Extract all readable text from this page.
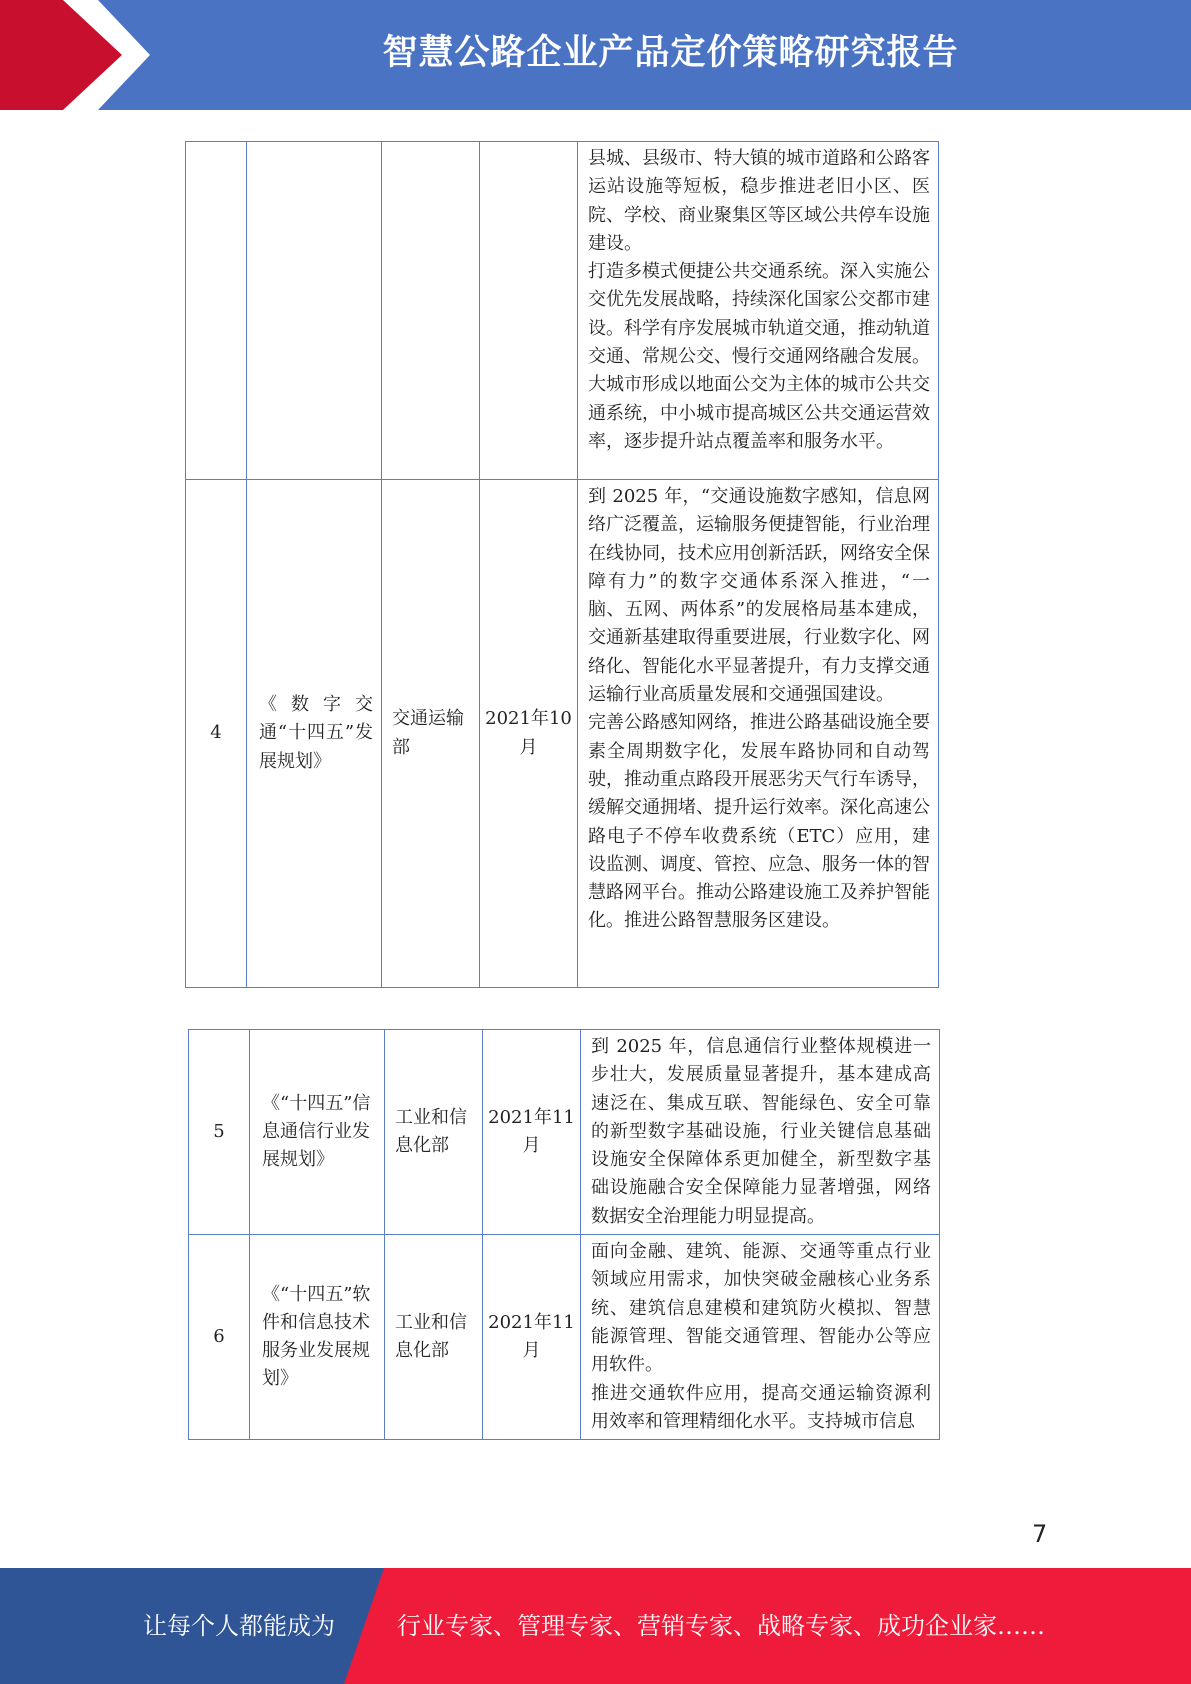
智慧公路企业产品定价策略研究报告

				县城、县级市、特大镇的城市道路和公路客运站设施等短板，稳步推进老旧小区、医院、学校、商业聚集区等区域公共停车设施建设。
打造多模式便捷公共交通系统。深入实施公交优先发展战略，持续深化国家公交都市建设。科学有序发展城市轨道交通，推动轨道交通、常规公交、慢行交通网络融合发展。大城市形成以地面公交为主体的城市公共交通系统，中小城市提高城区公共交通运营效率，逐步提升站点覆盖率和服务水平。

4	《数字交通“十四五”发展规划》	交通运输部	2021年10月	到 2025 年，“交通设施数字感知，信息网络广泛覆盖，运输服务便捷智能，行业治理在线协同，技术应用创新活跃，网络安全保障有力”的数字交通体系深入推进，“一脑、五网、两体系”的发展格局基本建成，交通新基建取得重要进展，行业数字化、网络化、智能化水平显著提升，有力支撑交通运输行业高质量发展和交通强国建设。
完善公路感知网络，推进公路基础设施全要素全周期数字化，发展车路协同和自动驾驶，推动重点路段开展恶劣天气行车诱导，缓解交通拥堵、提升运行效率。深化高速公路电子不停车收费系统（ETC）应用，建设监测、调度、管控、应急、服务一体的智慧路网平台。推动公路建设施工及养护智能化。推进公路智慧服务区建设。
5	《“十四五”信息通信行业发展规划》	工业和信息化部	2021年11月	到 2025 年，信息通信行业整体规模进一步壮大，发展质量显著提升，基本建成高速泛在、集成互联、智能绿色、安全可靠的新型数字基础设施，行业关键信息基础设施安全保障体系更加健全，新型数字基础设施融合安全保障能力显著增强，网络数据安全治理能力明显提高。

6	《“十四五”软件和信息技术服务业发展规划》	工业和信息化部	2021年11月	面向金融、建筑、能源、交通等重点行业领域应用需求，加快突破金融核心业务系统、建筑信息建模和建筑防火模拟、智慧能源管理、智能交通管理、智能办公等应用软件。
推进交通软件应用，提高交通运输资源利用效率和管理精细化水平。支持城市信息
7
让每个人都能成为	行业专家、管理专家、营销专家、战略专家、成功企业家……
